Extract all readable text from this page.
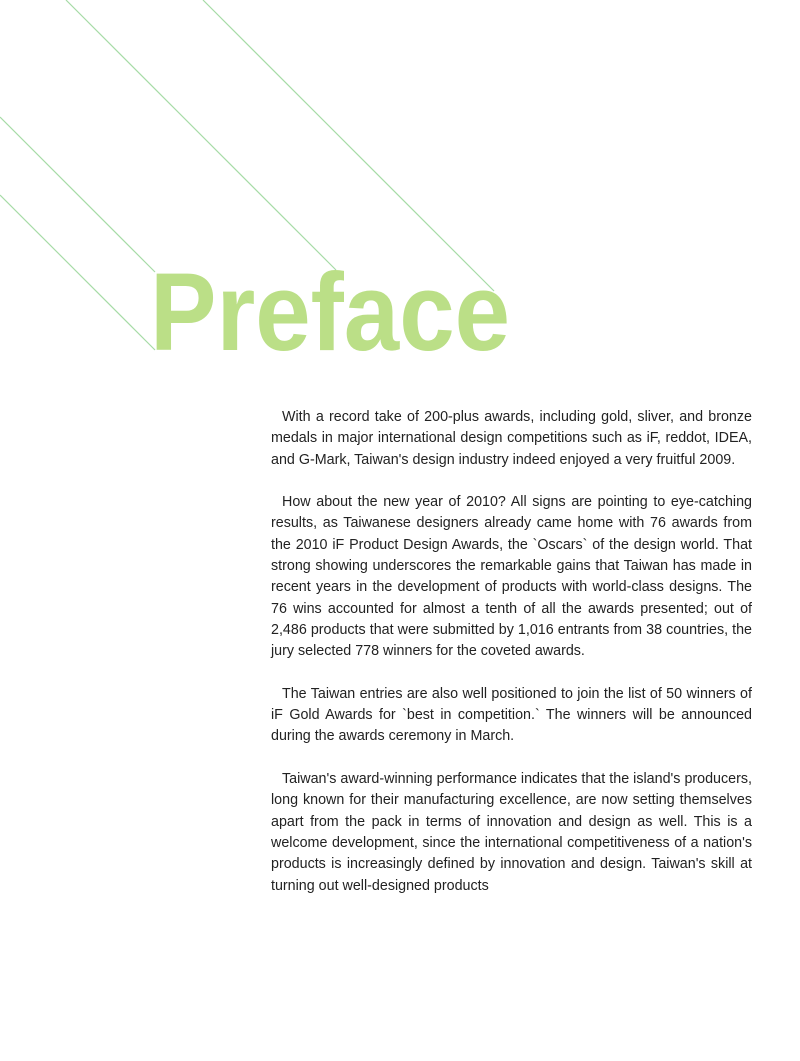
Preface

With a record take of 200-plus awards, including gold, sliver, and bronze medals in major international design competitions such as iF, reddot, IDEA, and G-Mark, Taiwan's design industry indeed enjoyed a very fruitful 2009.

How about the new year of 2010? All signs are pointing to eye-catching results, as Taiwanese designers already came home with 76 awards from the 2010 iF Product Design Awards, the `Oscars` of the design world. That strong showing underscores the remarkable gains that Taiwan has made in recent years in the development of products with world-class designs. The 76 wins accounted for almost a tenth of all the awards presented; out of 2,486 products that were submitted by 1,016 entrants from 38 countries, the jury selected 778 winners for the coveted awards.

The Taiwan entries are also well positioned to join the list of 50 winners of iF Gold Awards for `best in competition.` The winners will be announced during the awards ceremony in March.

Taiwan's award-winning performance indicates that the island's producers, long known for their manufacturing excellence, are now setting themselves apart from the pack in terms of innovation and design as well. This is a welcome development, since the international competitiveness of a nation's products is increasingly defined by innovation and design. Taiwan's skill at turning out well-designed products
